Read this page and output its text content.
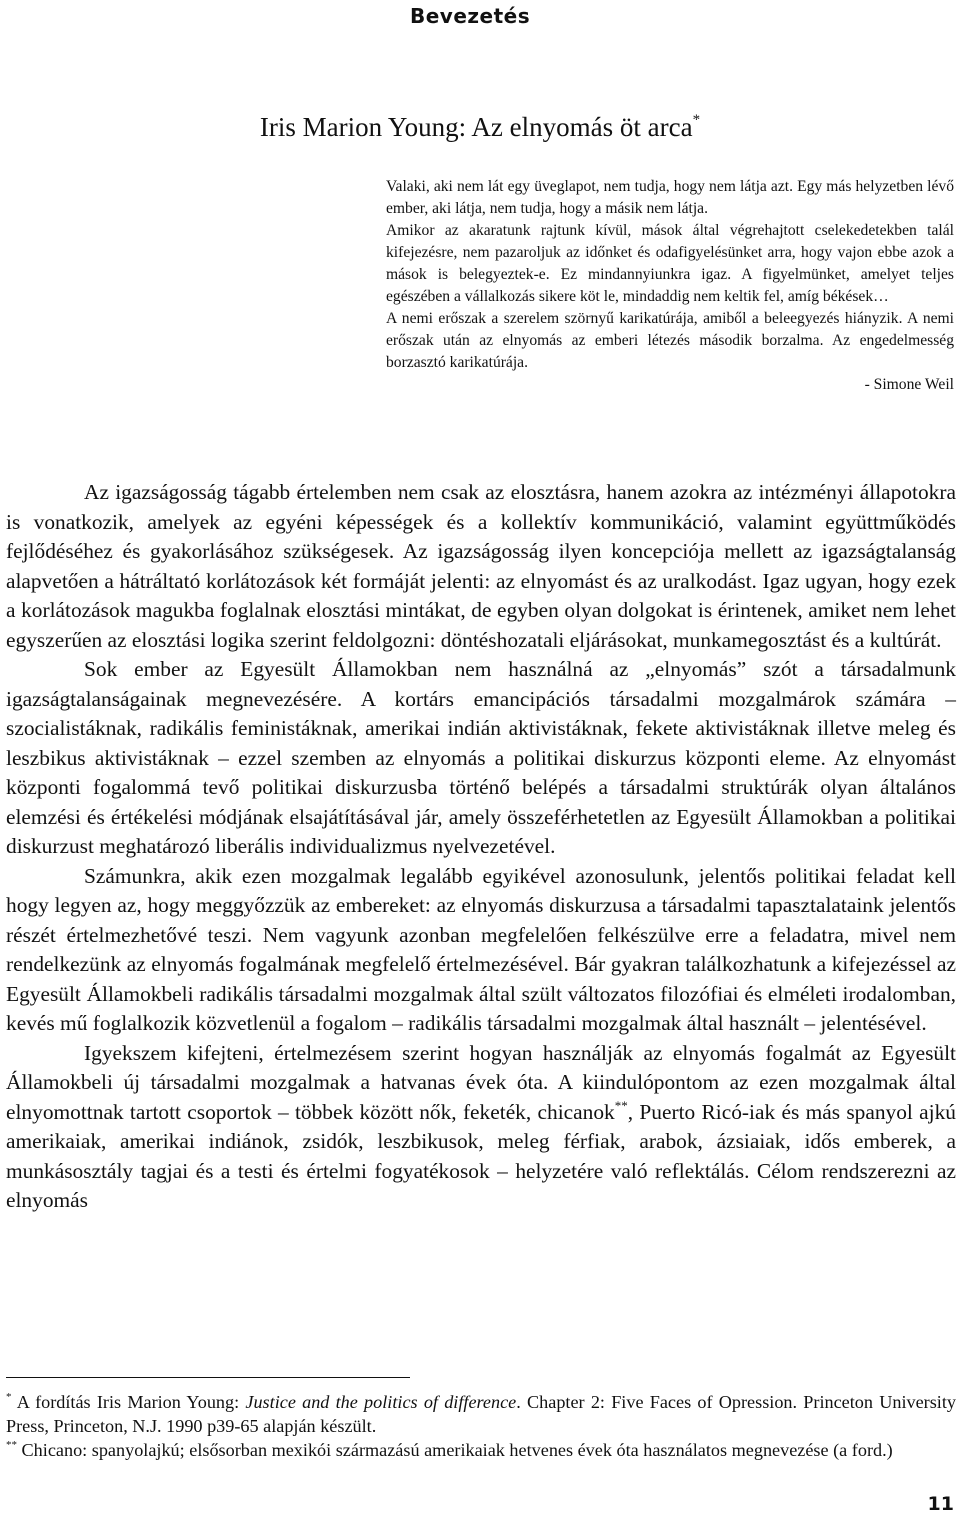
Bevezetés
Iris Marion Young: Az elnyomás öt arca*

Valaki, aki nem lát egy üveglapot, nem tudja, hogy nem látja azt. Egy más helyzetben lévő ember, aki látja, nem tudja, hogy a másik nem látja.

Amikor az akaratunk rajtunk kívül, mások által végrehajtott cselekedetekben talál kifejezésre, nem pazaroljuk az időnket és odafigyelésünket arra, hogy vajon ebbe azok a mások is belegyeztek-e. Ez mindannyiunkra igaz. A figyelmünket, amelyet teljes egészében a vállalkozás sikere köt le, mindaddig nem keltik fel, amíg békések…

A nemi erőszak a szerelem szörnyű karikatúrája, amiből a beleegyezés hiányzik. A nemi erőszak után az elnyomás az emberi létezés második borzalma. Az engedelmesség borzasztó karikatúrája.

- Simone Weil

Az igazságosság tágabb értelemben nem csak az elosztásra, hanem azokra az intézményi állapotokra is vonatkozik, amelyek az egyéni képességek és a kollektív kommunikáció, valamint együttműködés fejlődéséhez és gyakorlásához szükségesek. Az igazságosság ilyen koncepciója mellett az igazságtalanság alapvetően a hátráltató korlátozások két formáját jelenti: az elnyomást és az uralkodást. Igaz ugyan, hogy ezek a korlátozások magukba foglalnak elosztási mintákat, de egyben olyan dolgokat is érintenek, amiket nem lehet egyszerűen az elosztási logika szerint feldolgozni: döntéshozatali eljárásokat, munkamegosztást és a kultúrát.

Sok ember az Egyesült Államokban nem használná az „elnyomás” szót a társadalmunk igazságtalanságainak megnevezésére. A kortárs emancipációs társadalmi mozgalmárok számára – szocialistáknak, radikális feministáknak, amerikai indián aktivistáknak, fekete aktivistáknak illetve meleg és leszbikus aktivistáknak – ezzel szemben az elnyomás a politikai diskurzus központi eleme. Az elnyomást központi fogalommá tevő politikai diskurzusba történő belépés a társadalmi struktúrák olyan általános elemzési és értékelési módjának elsajátításával jár, amely összeférhetetlen az Egyesült Államokban a politikai diskurzust meghatározó liberális individualizmus nyelvezetével.

Számunkra, akik ezen mozgalmak legalább egyikével azonosulunk, jelentős politikai feladat kell hogy legyen az, hogy meggyőzzük az embereket: az elnyomás diskurzusa a társadalmi tapasztalataink jelentős részét értelmezhetővé teszi. Nem vagyunk azonban megfelelően felkészülve erre a feladatra, mivel nem rendelkezünk az elnyomás fogalmának megfelelő értelmezésével. Bár gyakran találkozhatunk a kifejezéssel az Egyesült Államokbeli radikális társadalmi mozgalmak által szült változatos filozófiai és elméleti irodalomban, kevés mű foglalkozik közvetlenül a fogalom – radikális társadalmi mozgalmak által használt – jelentésével.

Igyekszem kifejteni, értelmezésem szerint hogyan használják az elnyomás fogalmát az Egyesült Államokbeli új társadalmi mozgalmak a hatvanas évek óta. A kiindulópontom az ezen mozgalmak által elnyomottnak tartott csoportok – többek között nők, feketék, chicanok**, Puerto Ricó-iak és más spanyol ajkú amerikaiak, amerikai indiánok, zsidók, leszbikusok, meleg férfiak, arabok, ázsiaiak, idős emberek, a munkásosztály tagjai és a testi és értelmi fogyatékosok – helyzetére való reflektálás. Célom rendszerezni az elnyomás

* A fordítás Iris Marion Young: Justice and the politics of difference. Chapter 2: Five Faces of Opression. Princeton University Press, Princeton, N.J. 1990 p39-65 alapján készült.

** Chicano: spanyolajkú; elsősorban mexikói származású amerikaiak hetvenes évek óta használatos megnevezése (a ford.)

11
